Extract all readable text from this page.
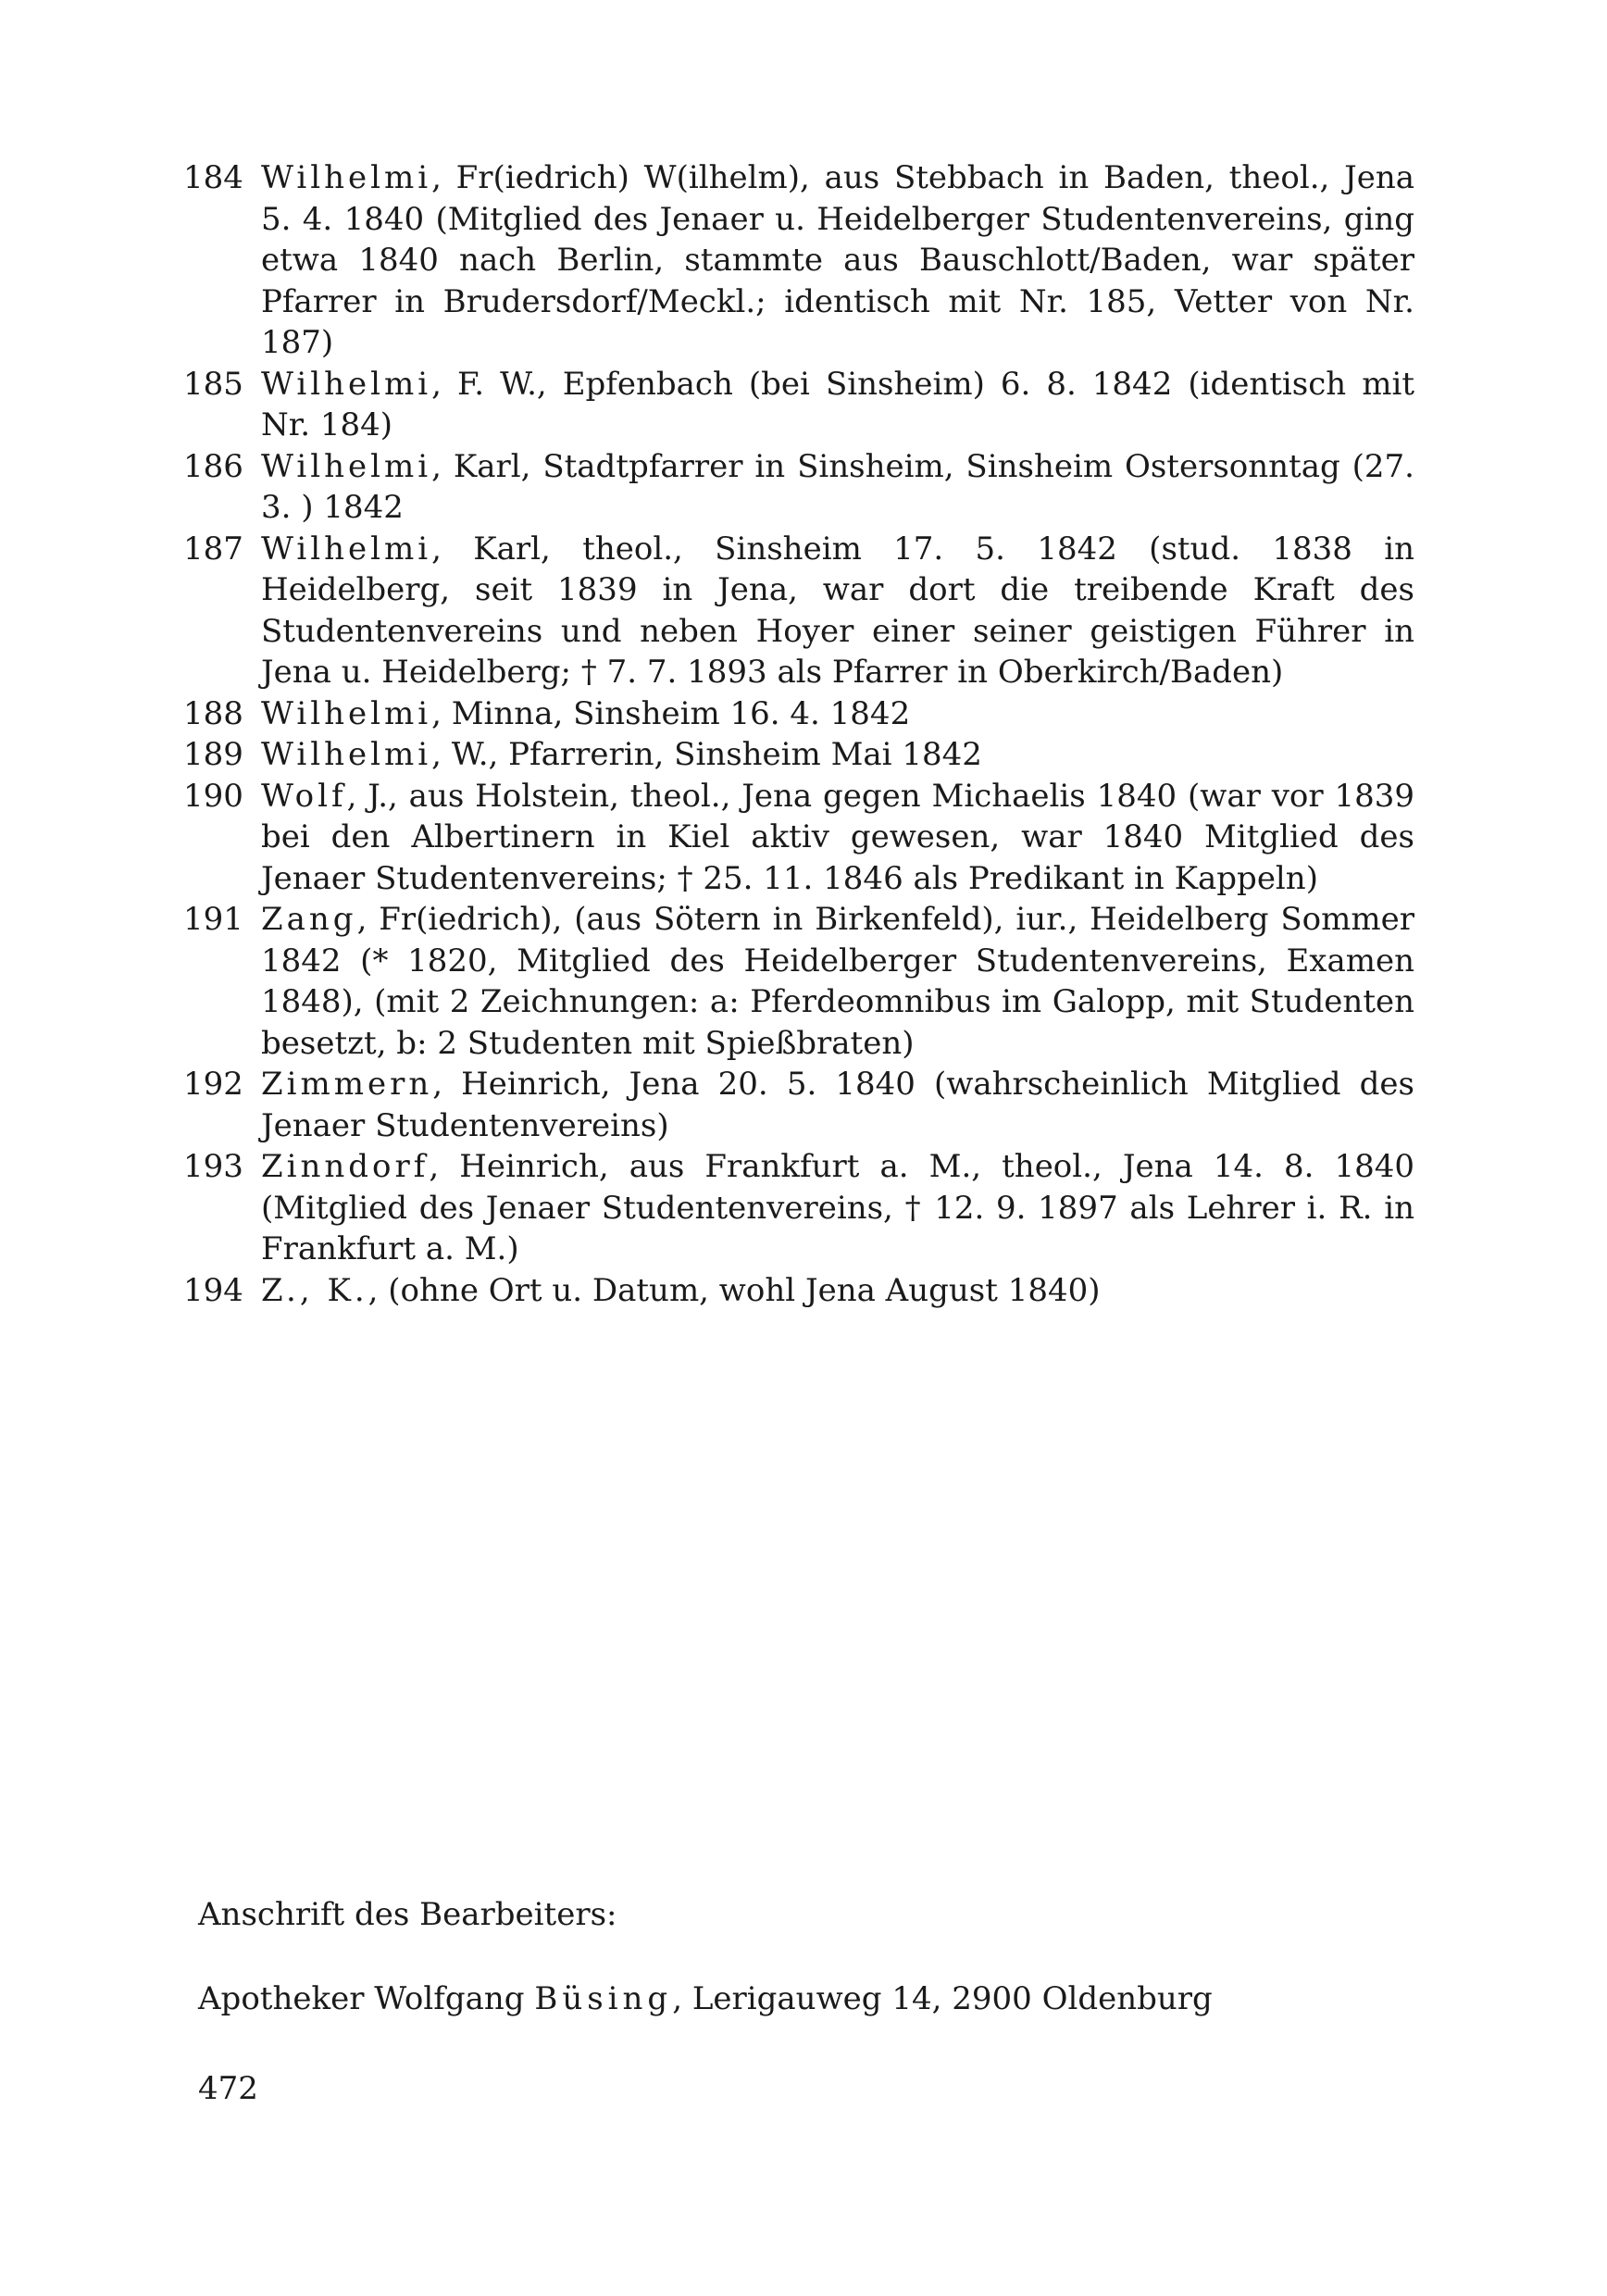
184 Wilhelmi, Fr(iedrich) W(ilhelm), aus Stebbach in Baden, theol., Jena 5. 4. 1840 (Mitglied des Jenaer u. Heidelberger Studentenvereins, ging etwa 1840 nach Berlin, stammte aus Bauschlott/Baden, war später Pfarrer in Brudersdorf/Meckl.; identisch mit Nr. 185, Vetter von Nr. 187)
185 Wilhelmi, F. W., Epfenbach (bei Sinsheim) 6. 8. 1842 (identisch mit Nr. 184)
186 Wilhelmi, Karl, Stadtpfarrer in Sinsheim, Sinsheim Ostersonntag (27. 3. ) 1842
187 Wilhelmi, Karl, theol., Sinsheim 17. 5. 1842 (stud. 1838 in Heidelberg, seit 1839 in Jena, war dort die treibende Kraft des Studentenvereins und neben Hoyer einer seiner geistigen Führer in Jena u. Heidelberg; † 7. 7. 1893 als Pfarrer in Oberkirch/Baden)
188 Wilhelmi, Minna, Sinsheim 16. 4. 1842
189 Wilhelmi, W., Pfarrerin, Sinsheim Mai 1842
190 Wolf, J., aus Holstein, theol., Jena gegen Michaelis 1840 (war vor 1839 bei den Albertinern in Kiel aktiv gewesen, war 1840 Mitglied des Jenaer Studentenvereins; † 25. 11. 1846 als Predikant in Kappeln)
191 Zang, Fr(iedrich), (aus Sötern in Birkenfeld), iur., Heidelberg Sommer 1842 (* 1820, Mitglied des Heidelberger Studentenvereins, Examen 1848), (mit 2 Zeichnungen: a: Pferdeomnibus im Galopp, mit Studenten besetzt, b: 2 Studenten mit Spießbraten)
192 Zimmern, Heinrich, Jena 20. 5. 1840 (wahrscheinlich Mitglied des Jenaer Studentenvereins)
193 Zinndorf, Heinrich, aus Frankfurt a. M., theol., Jena 14. 8. 1840 (Mitglied des Jenaer Studentenvereins, † 12. 9. 1897 als Lehrer i. R. in Frankfurt a. M.)
194 Z., K., (ohne Ort u. Datum, wohl Jena August 1840)
Anschrift des Bearbeiters:
Apotheker Wolfgang Büsing, Lerigauweg 14, 2900 Oldenburg
472
